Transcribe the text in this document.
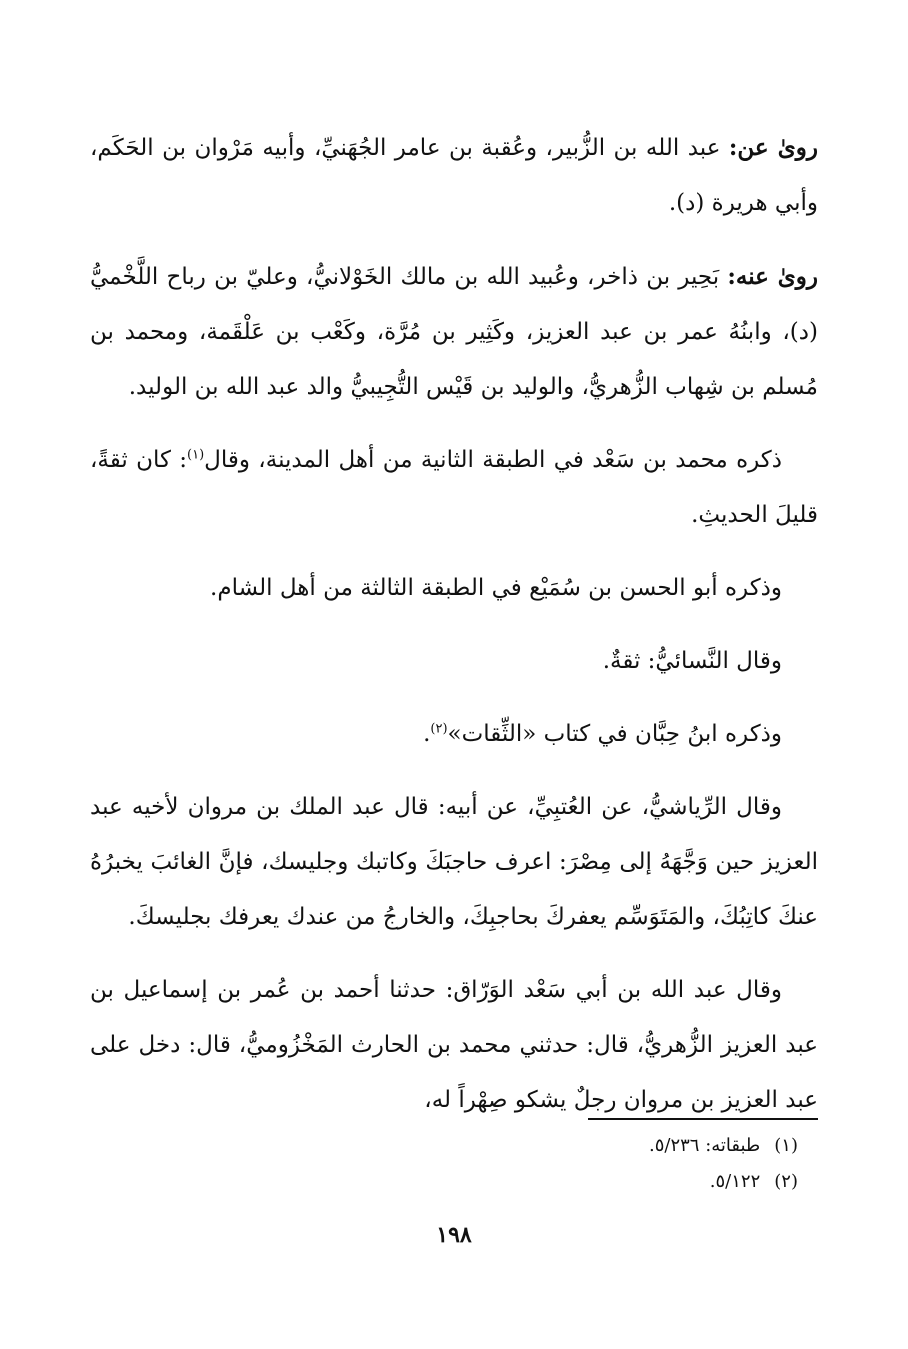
روىٰ عن: عبد الله بن الزُّبير، وعُقبة بن عامر الجُهَنيِّ، وأبيه مَرْوان بن الحَكَم، وأبي هريرة (د).

روىٰ عنه: بَحِير بن ذاخر، وعُبيد الله بن مالك الخَوْلانيُّ، وعليّ بن رباح اللَّخْميُّ (د)، وابنُهُ عمر بن عبد العزيز، وكَثِير بن مُرَّة، وكَعْب بن عَلْقَمة، ومحمد بن مُسلم بن شِهاب الزُّهريُّ، والوليد بن قَيْس التُّجِيبيُّ والد عبد الله بن الوليد.

ذكره محمد بن سَعْد في الطبقة الثانية من أهل المدينة، وقال$^{(١)}$: كان ثقةً، قليلَ الحديثِ.

وذكره أبو الحسن بن سُمَيْع في الطبقة الثالثة من أهل الشام.

وقال النَّسائيُّ: ثقةٌ.

وذكره ابنُ حِبَّان في كتاب «الثِّقات»$^{(٢)}$.

وقال الرِّياشيُّ، عن العُتبِيِّ، عن أبيه: قال عبد الملك بن مروان لأخيه عبد العزيز حين وَجَّهَهُ إلى مِصْرَ: اعرف حاجبَكَ وكاتبك وجليسك، فإنَّ الغائبَ يخبرُهُ عنكَ كاتِبُكَ، والمَتَوَسِّم يعفركَ بحاجبِكَ، والخارجُ من عندك يعرفك بجليسكَ.

وقال عبد الله بن أبي سَعْد الوَرّاق: حدثنا أحمد بن عُمر بن إسماعيل بن عبد العزيز الزُّهريُّ، قال: حدثني محمد بن الحارث المَخْزُوميُّ، قال: دخل على عبد العزيز بن مروان رجلٌ يشكو صِهْراً له،

(١)طبقاته: ٥/٢٣٦.
(٢)٥/١٢٢.
١٩٨
